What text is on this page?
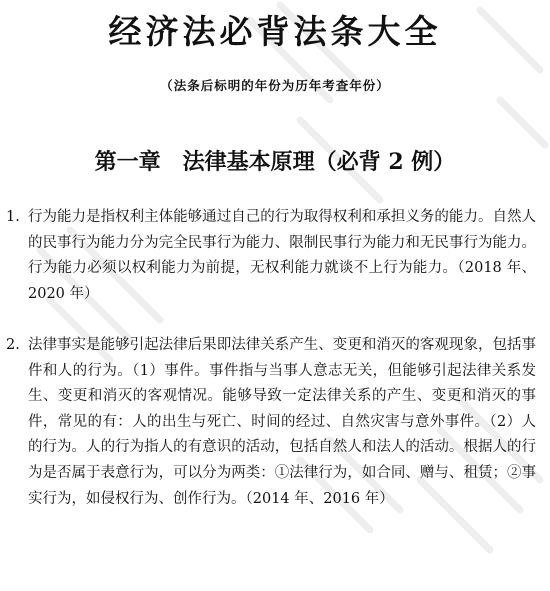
经济法必背法条大全
（法条后标明的年份为历年考查年份）
第一章　法律基本原理（必背 2 例）
1. 行为能力是指权利主体能够通过自己的行为取得权利和承担义务的能力。自然人的民事行为能力分为完全民事行为能力、限制民事行为能力和无民事行为能力。行为能力必须以权利能力为前提，无权利能力就谈不上行为能力。（2018 年、2020 年）
2. 法律事实是能够引起法律后果即法律关系产生、变更和消灭的客观现象，包括事件和人的行为。（1）事件。事件指与当事人意志无关，但能够引起法律关系发生、变更和消灭的客观情况。能够导致一定法律关系的产生、变更和消灭的事件，常见的有：人的出生与死亡、时间的经过、自然灾害与意外事件。（2）人的行为。人的行为指人的有意识的活动，包括自然人和法人的活动。根据人的行为是否属于表意行为，可以分为两类：①法律行为，如合同、赠与、租赁；②事实行为，如侵权行为、创作行为。（2014 年、2016 年）
